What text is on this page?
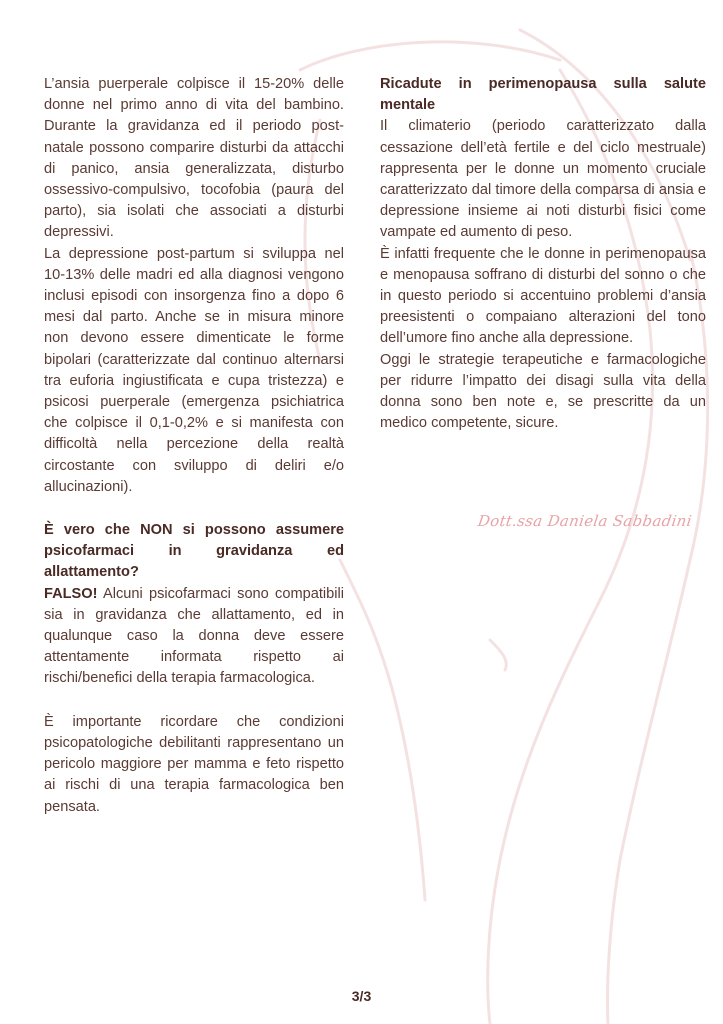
L’ansia puerperale colpisce il 15-20% delle donne nel primo anno di vita del bambino. Durante la gravidanza ed il periodo post-natale possono comparire disturbi da attacchi di panico, ansia generalizzata, disturbo ossessivo-compulsivo, tocofobia (paura del parto), sia isolati che associati a disturbi depressivi.

La depressione post-partum si sviluppa nel 10-13% delle madri ed alla diagnosi vengono inclusi episodi con insorgenza fino a dopo 6 mesi dal parto. Anche se in misura minore non devono essere dimenticate le forme bipolari (caratterizzate dal continuo alternarsi tra euforia ingiustificata e cupa tristezza) e psicosi puerperale (emergenza psichiatrica che colpisce il 0,1-0,2% e si manifesta con difficoltà nella percezione della realtà circostante con sviluppo di deliri e/o allucinazioni).

È vero che NON si possono assumere psicofarmaci in gravidanza ed allattamento?

FALSO! Alcuni psicofarmaci sono compatibili sia in gravidanza che allattamento, ed in qualunque caso la donna deve essere attentamente informata rispetto ai rischi/benefici della terapia farmacologica.

È importante ricordare che condizioni psicopatologiche debilitanti rappresentano un pericolo maggiore per mamma e feto rispetto ai rischi di una terapia farmacologica ben pensata.

Ricadute in perimenopausa sulla salute mentale

Il climaterio (periodo caratterizzato dalla cessazione dell’età fertile e del ciclo mestruale) rappresenta per le donne un momento cruciale caratterizzato dal timore della comparsa di ansia e depressione insieme ai noti disturbi fisici come vampate ed aumento di peso.

È infatti frequente che le donne in perimenopausa e menopausa soffrano di disturbi del sonno o che in questo periodo si accentuino problemi d’ansia preesistenti o compaiano alterazioni del tono dell’umore fino anche alla depressione.

Oggi le strategie terapeutiche e farmacologiche per ridurre l’impatto dei disagi sulla vita della donna sono ben note e, se prescritte da un medico competente, sicure.

Dott.ssa Daniela Sabbadini
3/3
